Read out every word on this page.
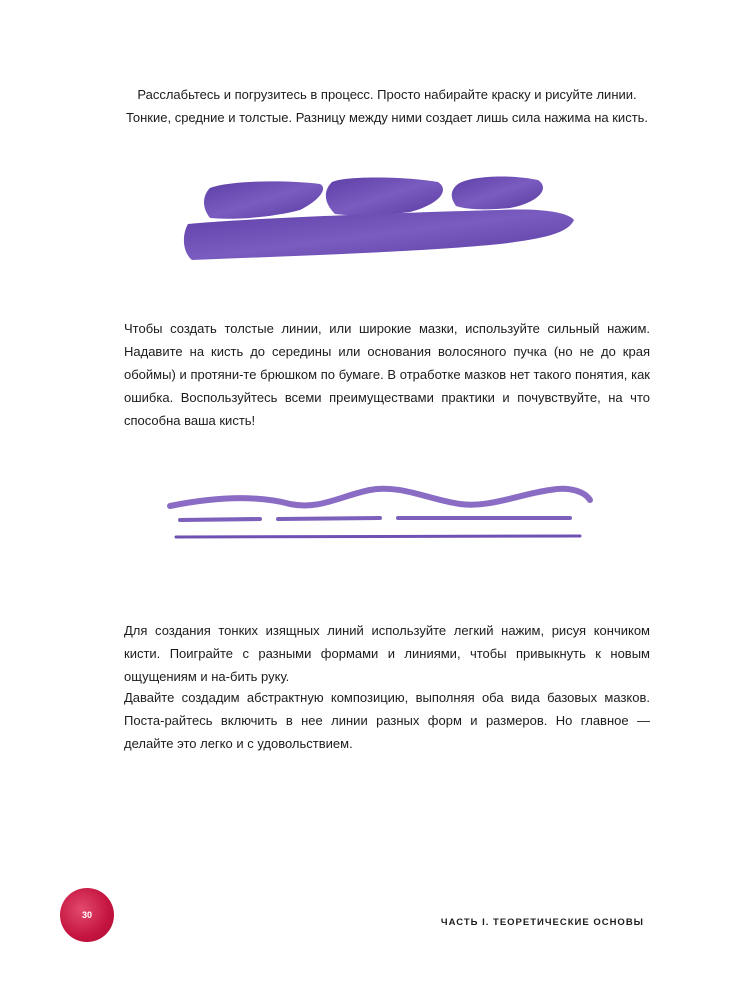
Расслабьтесь и погрузитесь в процесс. Просто набирайте краску и рисуйте линии. Тонкие, средние и толстые. Разницу между ними создает лишь сила нажима на кисть.

Чтобы создать толстые линии, или широкие мазки, используйте сильный нажим. Надавите на кисть до середины или основания волосяного пучка (но не до края обоймы) и протяни-те брюшком по бумаге. В отработке мазков нет такого понятия, как ошибка. Воспользуйтесь всеми преимуществами практики и почувствуйте, на что способна ваша кисть!

Для создания тонких изящных линий используйте легкий нажим, рисуя кончиком кисти. Поиграйте с разными формами и линиями, чтобы привыкнуть к новым ощущениям и на-бить руку.

Давайте создадим абстрактную композицию, выполняя оба вида базовых мазков. Поста-райтесь включить в нее линии разных форм и размеров. Но главное — делайте это легко и с удовольствием.

30
ЧАСТЬ I. ТЕОРЕТИЧЕСКИЕ ОСНОВЫ
